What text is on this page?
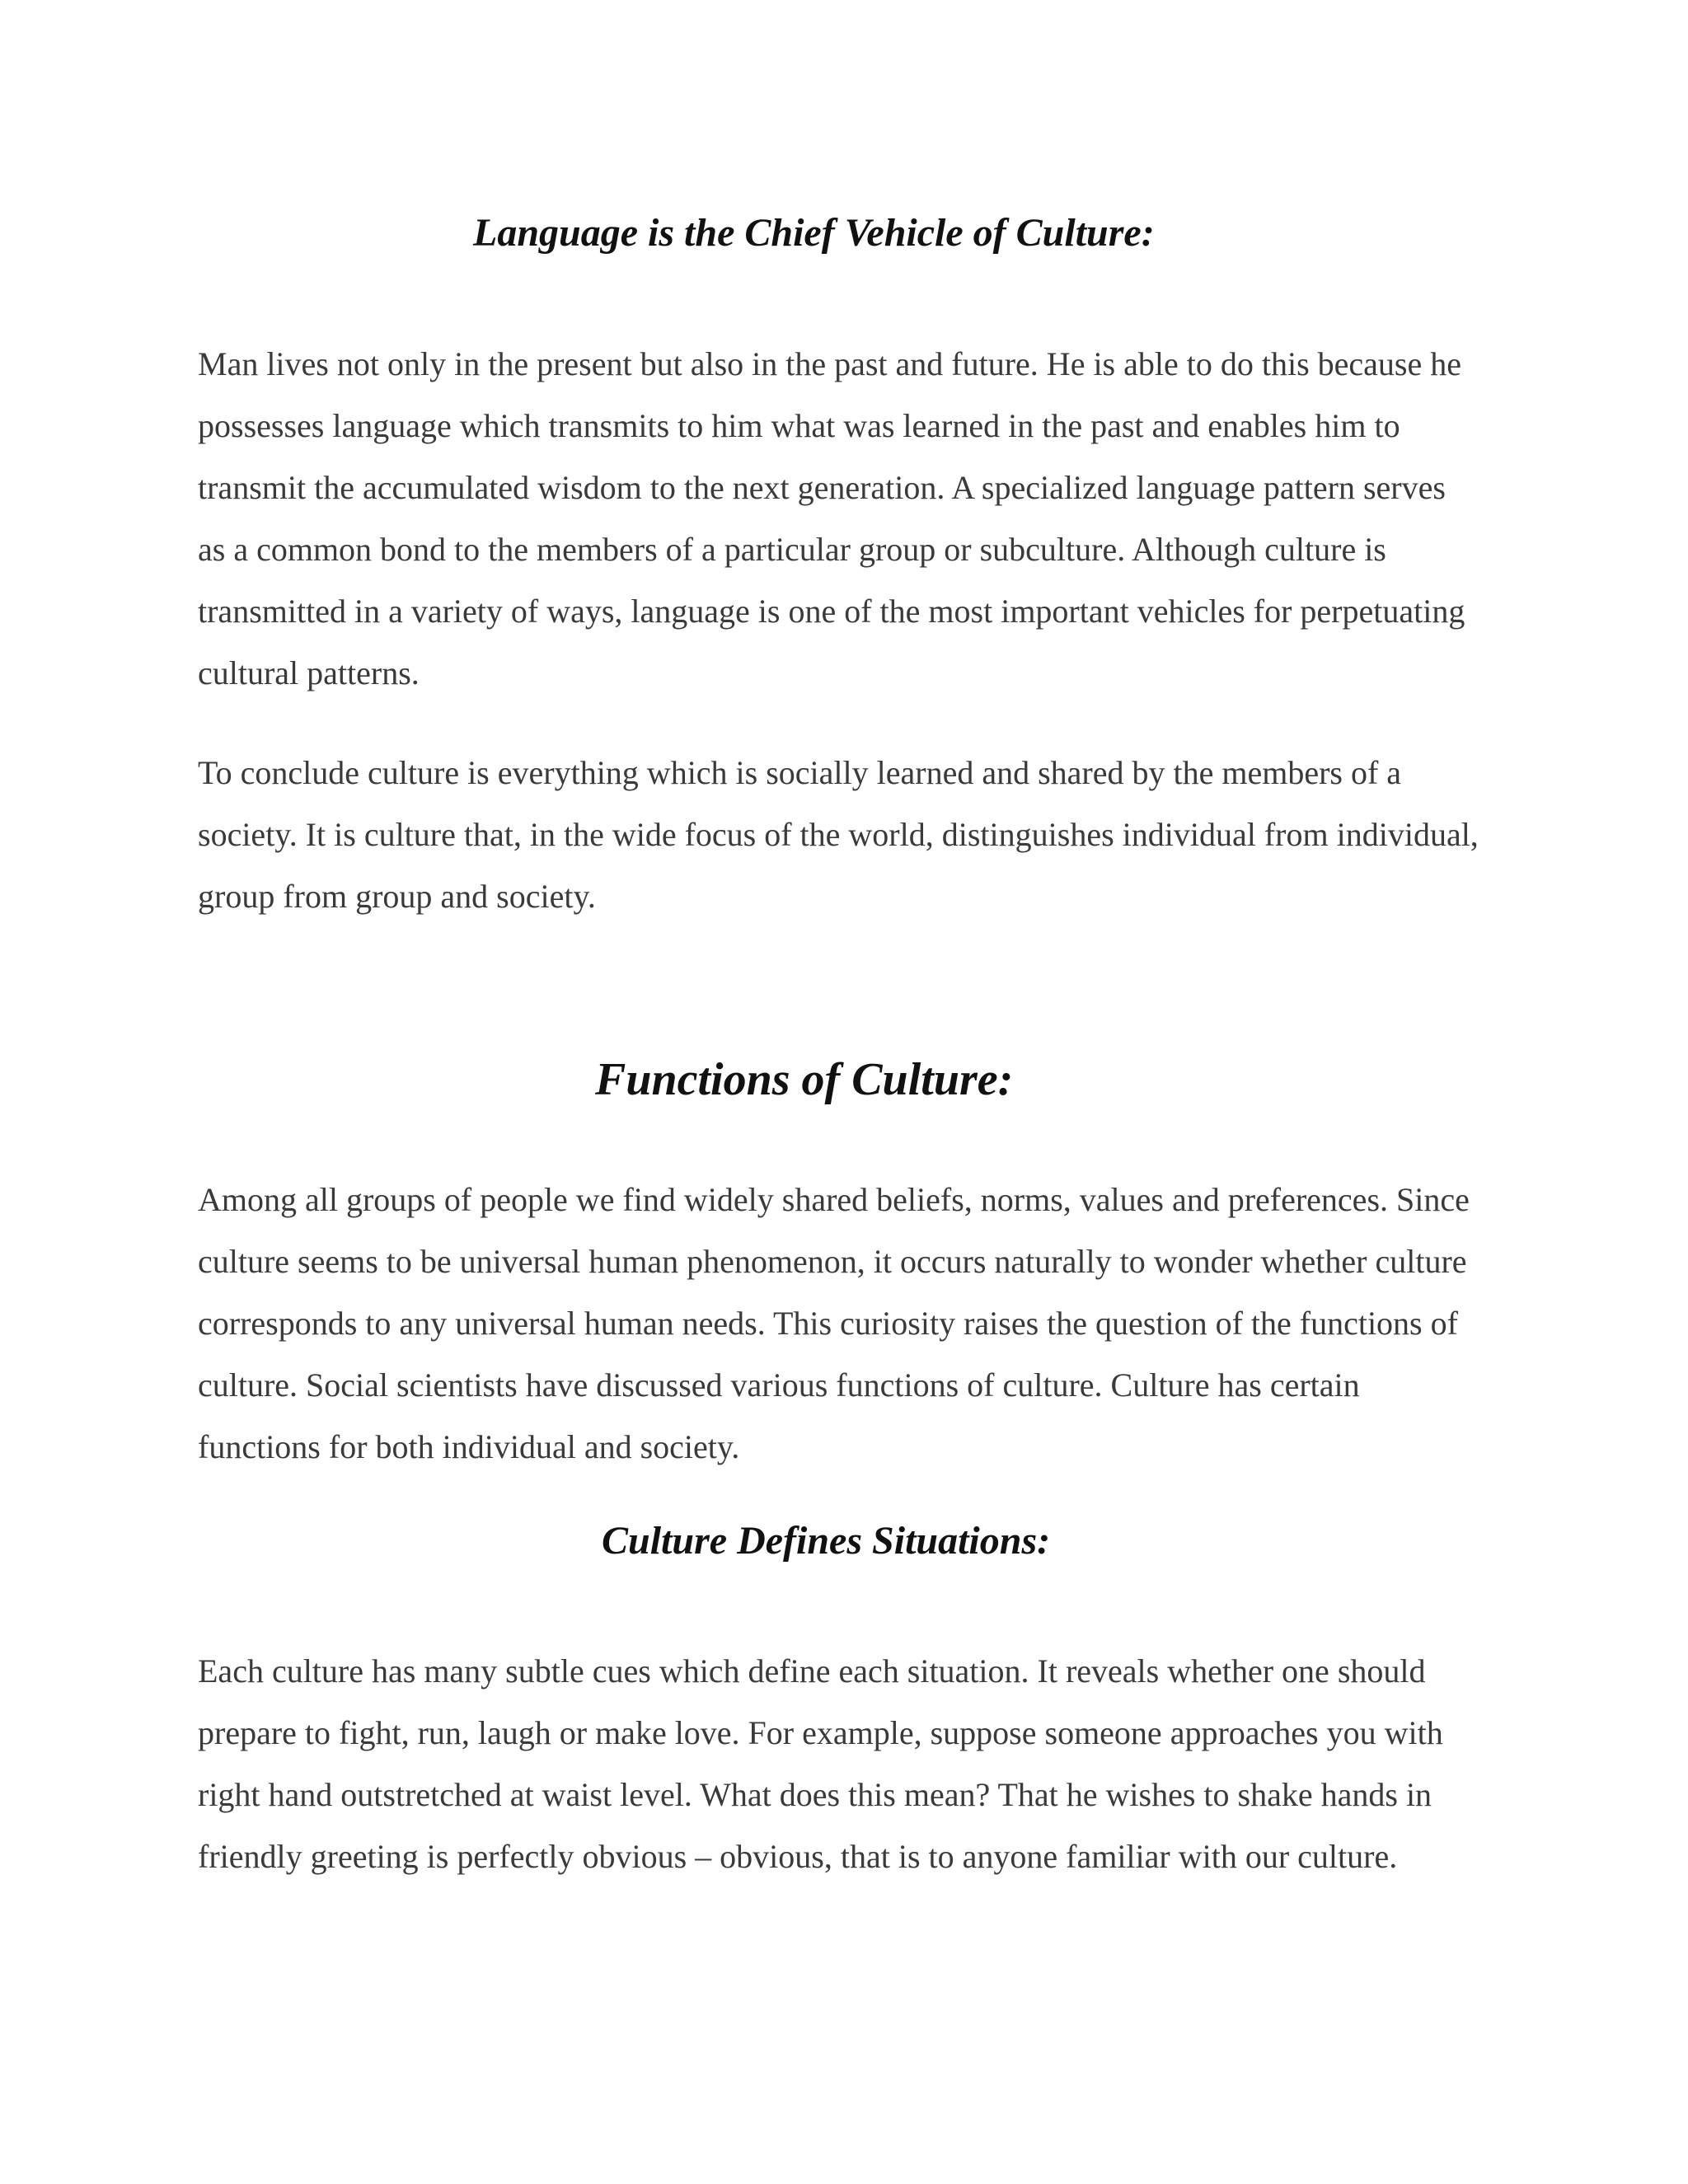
Language is the Chief Vehicle of Culture:

Man lives not only in the present but also in the past and future. He is able to do this because he
possesses language which transmits to him what was learned in the past and enables him to
transmit the accumulated wisdom to the next generation. A specialized language pattern serves
as a common bond to the members of a particular group or subculture. Although culture is
transmitted in a variety of ways, language is one of the most important vehicles for perpetuating
cultural patterns.

To conclude culture is everything which is socially learned and shared by the members of a
society. It is culture that, in the wide focus of the world, distinguishes individual from individual,
group from group and society.

Functions of Culture:

Among all groups of people we find widely shared beliefs, norms, values and preferences. Since
culture seems to be universal human phenomenon, it occurs naturally to wonder whether culture
corresponds to any universal human needs. This curiosity raises the question of the functions of
culture. Social scientists have discussed various functions of culture. Culture has certain
functions for both individual and society.

Culture Defines Situations:

Each culture has many subtle cues which define each situation. It reveals whether one should
prepare to fight, run, laugh or make love. For example, suppose someone approaches you with
right hand outstretched at waist level. What does this mean? That he wishes to shake hands in
friendly greeting is perfectly obvious – obvious, that is to anyone familiar with our culture.
